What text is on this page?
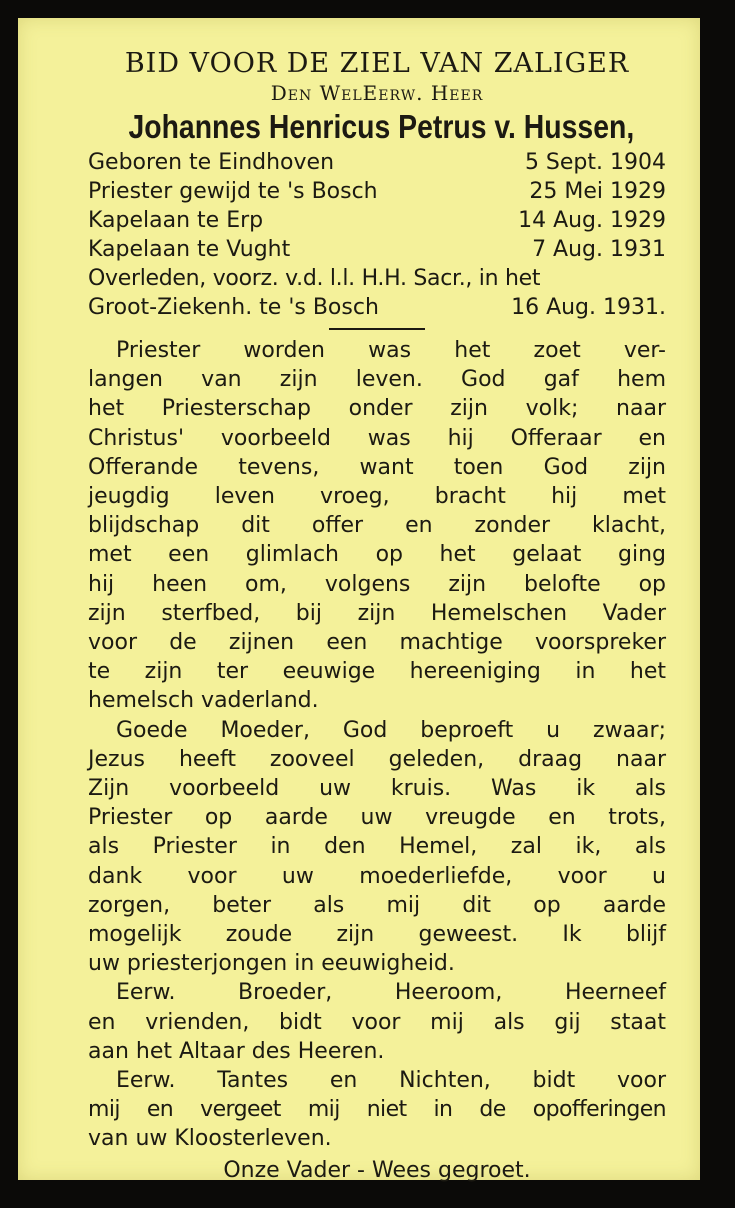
BID VOOR DE ZIEL VAN ZALIGER
Den WelEerw. Heer
Johannes Henricus Petrus v. Hussen,
Geboren te Eindhoven	5 Sept. 1904
Priester gewijd te 's Bosch	25 Mei 1929
Kapelaan te Erp	14 Aug. 1929
Kapelaan te Vught	7 Aug. 1931
Overleden, voorz. v.d. l.l. H.H. Sacr., in het
Groot-Ziekenh. te 's Bosch	16 Aug. 1931.
Priester worden was het zoet ver-
langen van zijn leven. God gaf hem
het Priesterschap onder zijn volk; naar
Christus' voorbeeld was hij Offeraar en
Offerande tevens, want toen God zijn
jeugdig leven vroeg, bracht hij met
blijdschap dit offer en zonder klacht,
met een glimlach op het gelaat ging
hij heen om, volgens zijn belofte op
zijn sterfbed, bij zijn Hemelschen Vader
voor de zijnen een machtige voorspreker
te zijn ter eeuwige hereeniging in het
hemelsch vaderland.
Goede Moeder, God beproeft u zwaar;
Jezus heeft zooveel geleden, draag naar
Zijn voorbeeld uw kruis. Was ik als
Priester op aarde uw vreugde en trots,
als Priester in den Hemel, zal ik, als
dank voor uw moederliefde, voor u
zorgen, beter als mij dit op aarde
mogelijk zoude zijn geweest. Ik blijf
uw priesterjongen in eeuwigheid.
Eerw. Broeder, Heeroom, Heerneef
en vrienden, bidt voor mij als gij staat
aan het Altaar des Heeren.
Eerw. Tantes en Nichten, bidt voor
mij en vergeet mij niet in de opofferingen
van uw Kloosterleven.
Onze Vader - Wees gegroet.
